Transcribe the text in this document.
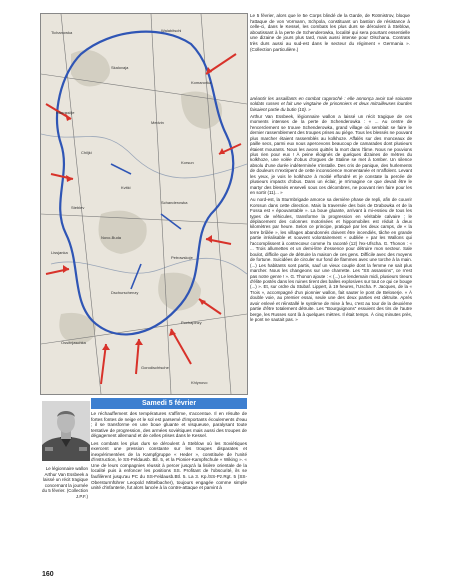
Tichanowka	Walabitschi
Skalovaja
Komarovka
Starossilje
Medvin
Chiljki
Korsun
Kvitki
Steblev
Schanderowka
Novo-Buda
Lissjanka
Petrowskoje
Dschurschenzy
Pochapinzy
Ossitnjaschka
Gorodischtsche
Khlynovo

Le 5 février, alors que le 5e Corps blindé de la Garde, de Rotmistrov, bloque l'attaque de von Vormann, Schpola, constituant un bastion de résistance à celle-ci, dans le Kessel, les combats les plus durs se déroulent à Steblow, aboutissant à la perte de Schenderowka, localité qui sera pourtant essentielle une dizaine de jours plus tard, mais aussi intense pour Olschana. Contrats très durs aussi au sud-est dans le secteur du régiment « Germania ». (Collection particulière.)

anéantir les assaillants en combat rapproché : elle annonça avoir tué soixante soldats russes et fait une vingtaine de prisonniers et deux mitrailleuses lourdes faisaient partie du butin (10). »

Arthur Van Essbeek, légionnaire wallon a laissé un récit tragique de ces moments intenses de la perte de Schenderowka : « ... Au centre de l'encerclement se trouve Schenderowka, grand village où semblait se faire le dernier rassemblement des troupes prises au piège. Tous les blessés ne pouvant plus marcher étaient rassemblés au kolkhoze. Affalés sur des monceaux de paille secs, parmi eux nous apercevons beaucoup de camarades dont plusieurs étaient mourants. Nous les avons quittés la mort dans l'âme. Nous ne pouvions plus rien pour eux ! À peine éloignés de quelques dizaines de mètres du kolkhoze, une volée d'obus d'orgues de Staline se met à tomber. Un silence absolu d'une durée indéterminée s'installe. Des cris de panique, des hurlements de douleurs m'extirpent de cette inconscience momentanée et m'affolent. Levant les yeux, je vois le kolkhoze à moitié effondré et je constate la percée de plusieurs impacts d'obus. Dans un éclair, je m'imagine ce que devait être le martyr des blessés enseveli sous ces décombres, ne pouvant rien faire pour les en sortir (11)... »

Au nord-est, la Sturmbrigade amorce sa dernière phase de repli, afin de couvrir Korssun dans cette direction. Mais la traversée des bois de Drabowka et de la Fossa est « épouvantable ». La boue gluante, arrivant à mi-essieu de tous les types de véhicules, transforme la progression en véritable calvaire ; le déplacement des colonnes motorisées et hippomobiles est réduit à deux kilomètres par heure. Selon ce principe, pratiqué par les deux camps, de « la terre brûlée », les villages abandonnés doivent être incendiés, tâche en grande partie irréalisable et souvent volontairement « oubliée » par les Wallons qui l'accomplissent à contrecœur comme l'a raconté (12) l'ex-Ufscha. G. Thonon : « ... Trois allumettes et un demi-litre d'essence pour détruire mon secteur. Sale boulot, difficile que de détruire la maison de ces gens. Difficile avec des moyens de fortune. Suicidées de circuler sur fond de flammes avec une torche à la main. (...) Les habitants sont partis, sauf un vieux couple dont la femme ne sait plus marcher. Nous les changeons sur une charrette. Les “SS assassins”, ce n'est pas notre genre ! ». G. Thonon ajoute : « (...) Le lendemain midi, plusieurs tireurs d'élite postés dans les ruines tirent des balles explosives sur tout ce qui ce bouge (...) ». Et, sur ordre du Stubaf. Lippert, à 19 heures, l'Uscha. F. Jacques, de la « Trois », accompagné d'un pionnier wallon, fait sauter le pont de Beloserje. « À double voie, au premier essai, seule une des deux parties est détruite. Après avoir enlevé et réinstallé le système de mise à feu, c'est au tour de la deuxième partie d'être totalement détruite. Les “Bourguignons” essuient des tirs de l'autre berge, les Russes sont là à quelques mètres. Il était temps. À cinq minutes près, le pont ne sautait pas. »

Samedi 5 février

Le réchauffement des températures s'affirme, s'accentue. Il en résulte de fortes fontes de neige et le sol est parsemé d'importants écoulements d'eau ; il se transforme en une boue gluante et visqueuse, paralysant toute tentative de progression, des armées soviétiques mais aussi des troupes de dégagement allemand et de celles prises dans le Kessel.

Les combats les plus durs se déroulent à Steblow où les Soviétiques exercent une pression constante sur les troupes disparates et inexpérimentées de la Kampfgruppe « Heder », constituée de l'unité d'instruction, le SS-Feldausb. Bil. 5, et la Pionier-Kampfschule « Wiking ». « Une de leurs compagnies réussit à percer jusqu'à la lisière orientale de la localité puis à enfoncer les positions SS. Profitant de l'obscurité, ils se faufilèrent jusqu'au PC du SS-Feldausb.Btl. 5. La 3. Kp./SS-Pz.Rgt. 5 (SS-Obersturmführer Leopold Mittelbacher), toujours engagée comme simple unité d'infanterie, fut alors lancée à la contre-attaque et parvint à

Le légionnaire wallon Arthur Van Essbeek a laissé un récit tragique concernant la journée du 5 février. (Collection J.P.F.)

160
